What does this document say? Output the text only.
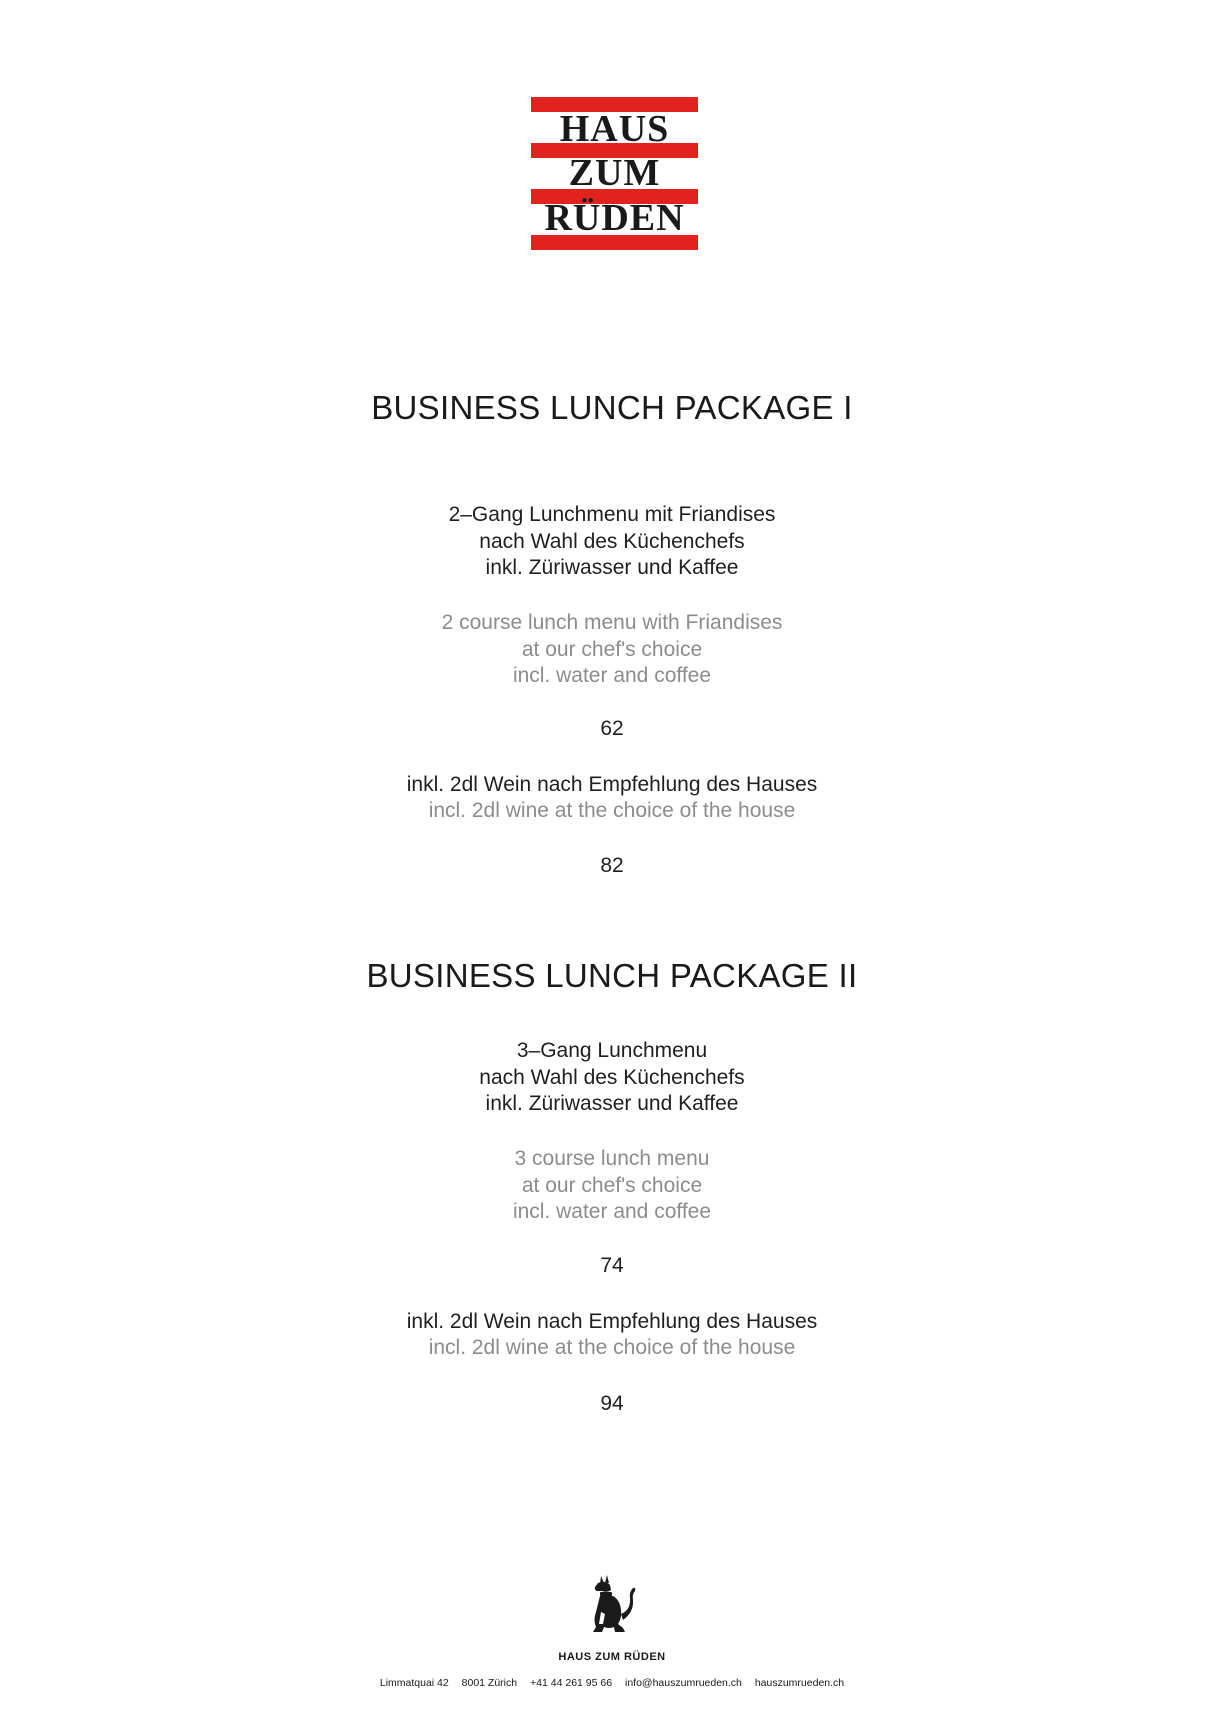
HAUS
ZUM
RÜDEN
BUSINESS LUNCH PACKAGE I
2–Gang Lunchmenu mit Friandises
nach Wahl des Küchenchefs
inkl. Züriwasser und Kaffee
2 course lunch menu with Friandises
at our chef's choice
incl. water and coffee
62
inkl. 2dl Wein nach Empfehlung des Hauses
incl. 2dl wine at the choice of the house
82
BUSINESS LUNCH PACKAGE II
3–Gang Lunchmenu
nach Wahl des Küchenchefs
inkl. Züriwasser und Kaffee
3 course lunch menu
at our chef's choice
incl. water and coffee
74
inkl. 2dl Wein nach Empfehlung des Hauses
incl. 2dl wine at the choice of the house
94
HAUS ZUM RÜDEN
Limmatquai 42 8001 Zürich +41 44 261 95 66 info@hauszumrueden.ch hauszumrueden.ch
